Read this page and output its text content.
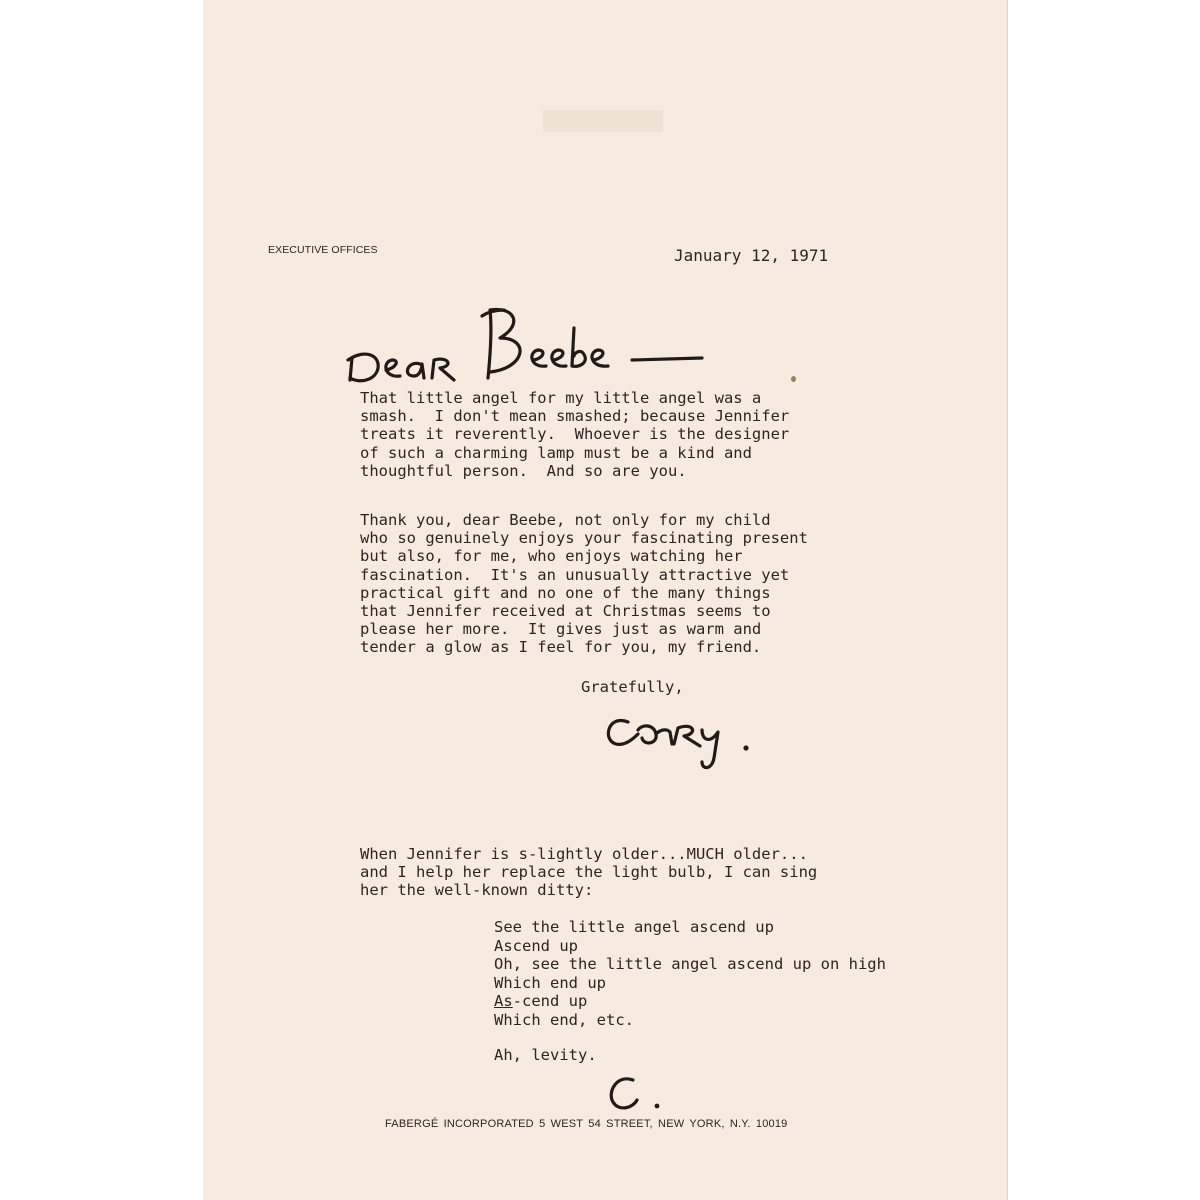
EXECUTIVE OFFICES	January 12, 1971

That little angel for my little angel was a
smash.  I don't mean smashed; because Jennifer
treats it reverently.  Whoever is the designer
of such a charming lamp must be a kind and
thoughtful person.  And so are you.

Thank you, dear Beebe, not only for my child
who so genuinely enjoys your fascinating present
but also, for me, who enjoys watching her
fascination.  It's an unusually attractive yet
practical gift and no one of the many things
that Jennifer received at Christmas seems to
please her more.  It gives just as warm and
tender a glow as I feel for you, my friend.

Gratefully,

When Jennifer is s-lightly older...MUCH older...
and I help her replace the light bulb, I can sing
her the well-known ditty:

See the little angel ascend up
Ascend up
Oh, see the little angel ascend up on high
Which end up
As-cend up
Which end, etc.
Ah, levity.
FABERGÉ INCORPORATED 5 WEST 54 STREET, NEW YORK, N.Y. 10019
